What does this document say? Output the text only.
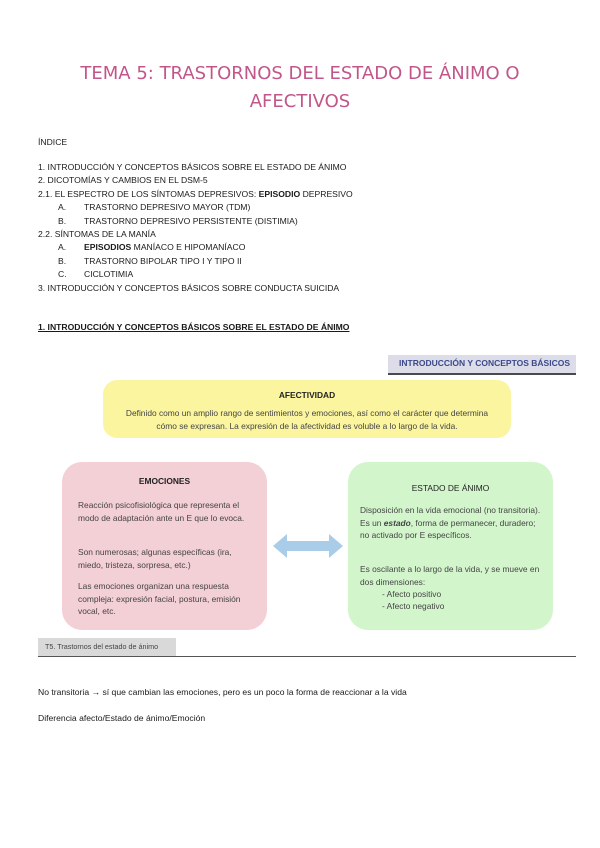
TEMA 5: TRASTORNOS DEL ESTADO DE ÁNIMO O
AFECTIVOS
ÍNDICE
1. INTRODUCCIÓN Y CONCEPTOS BÁSICOS SOBRE EL ESTADO DE ÁNIMO
2. DICOTOMÍAS Y CAMBIOS EN EL DSM-5
2.1. EL ESPECTRO DE LOS SÍNTOMAS DEPRESIVOS: EPISODIO DEPRESIVO
A. TRASTORNO DEPRESIVO MAYOR (TDM)
B. TRASTORNO DEPRESIVO PERSISTENTE (DISTIMIA)
2.2. SÍNTOMAS DE LA MANÍA
A. EPISODIOS MANÍACO E HIPOMANÍACO
B. TRASTORNO BIPOLAR TIPO I Y TIPO II
C. CICLOTIMIA
3. INTRODUCCIÓN Y CONCEPTOS BÁSICOS SOBRE CONDUCTA SUICIDA
1. INTRODUCCIÓN Y CONCEPTOS BÁSICOS SOBRE EL ESTADO DE ÁNIMO
INTRODUCCIÓN Y CONCEPTOS BÁSICOS
AFECTIVIDAD
Definido como un amplio rango de sentimientos y emociones, así como el carácter que determina cómo se expresan. La expresión de la afectividad es voluble a lo largo de la vida.
EMOCIONES
Reacción psicofisiológica que representa el modo de adaptación ante un E que lo evoca.
Son numerosas; algunas específicas (ira, miedo, tristeza, sorpresa, etc.)
Las emociones organizan una respuesta compleja: expresión facial, postura, emisión vocal, etc.
ESTADO DE ÁNIMO
Disposición en la vida emocional (no transitoria). Es un estado, forma de permanecer, duradero; no activado por E específicos.
Es oscilante a lo largo de la vida, y se mueve en dos dimensiones:
- Afecto positivo
- Afecto negativo
T5. Trastornos del estado de ánimo
No transitoria → sí que cambian las emociones, pero es un poco la forma de reaccionar a la vida
Diferencia afecto/Estado de ánimo/Emoción
